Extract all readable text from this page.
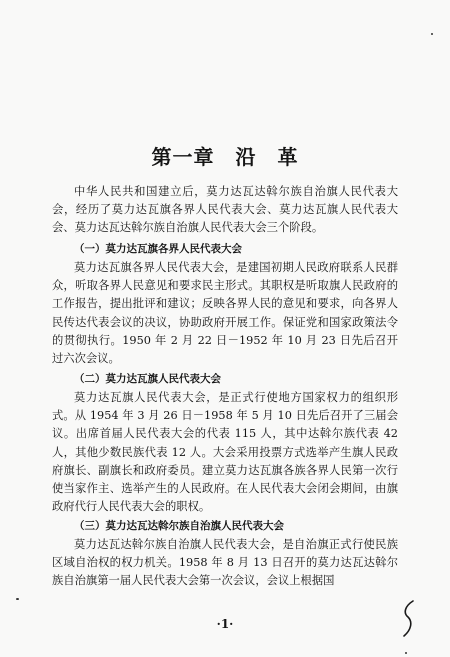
第一章　沿　革

中华人民共和国建立后，莫力达瓦达斡尔族自治旗人民代表大会，经历了莫力达瓦旗各界人民代表大会、莫力达瓦旗人民代表大会、莫力达瓦达斡尔族自治旗人民代表大会三个阶段。

（一）莫力达瓦旗各界人民代表大会

莫力达瓦旗各界人民代表大会，是建国初期人民政府联系人民群众，听取各界人民意见和要求民主形式。其职权是听取旗人民政府的工作报告，提出批评和建议；反映各界人民的意见和要求，向各界人民传达代表会议的决议，协助政府开展工作。保证党和国家政策法令的贯彻执行。1950 年 2 月 22 日－1952 年 10 月 23 日先后召开过六次会议。

（二）莫力达瓦旗人民代表大会

莫力达瓦旗人民代表大会，是正式行使地方国家权力的组织形式。从 1954 年 3 月 26 日－1958 年 5 月 10 日先后召开了三届会议。出席首届人民代表大会的代表 115 人，其中达斡尔族代表 42 人，其他少数民族代表 12 人。大会采用投票方式选举产生旗人民政府旗长、副旗长和政府委员。建立莫力达瓦旗各族各界人民第一次行使当家作主、选举产生的人民政府。在人民代表大会闭会期间，由旗政府代行人民代表大会的职权。

（三）莫力达瓦达斡尔族自治旗人民代表大会

莫力达瓦达斡尔族自治旗人民代表大会，是自治旗正式行使民族区域自治权的权力机关。1958 年 8 月 13 日召开的莫力达瓦达斡尔族自治旗第一届人民代表大会第一次会议，会议上根据国

·1·
